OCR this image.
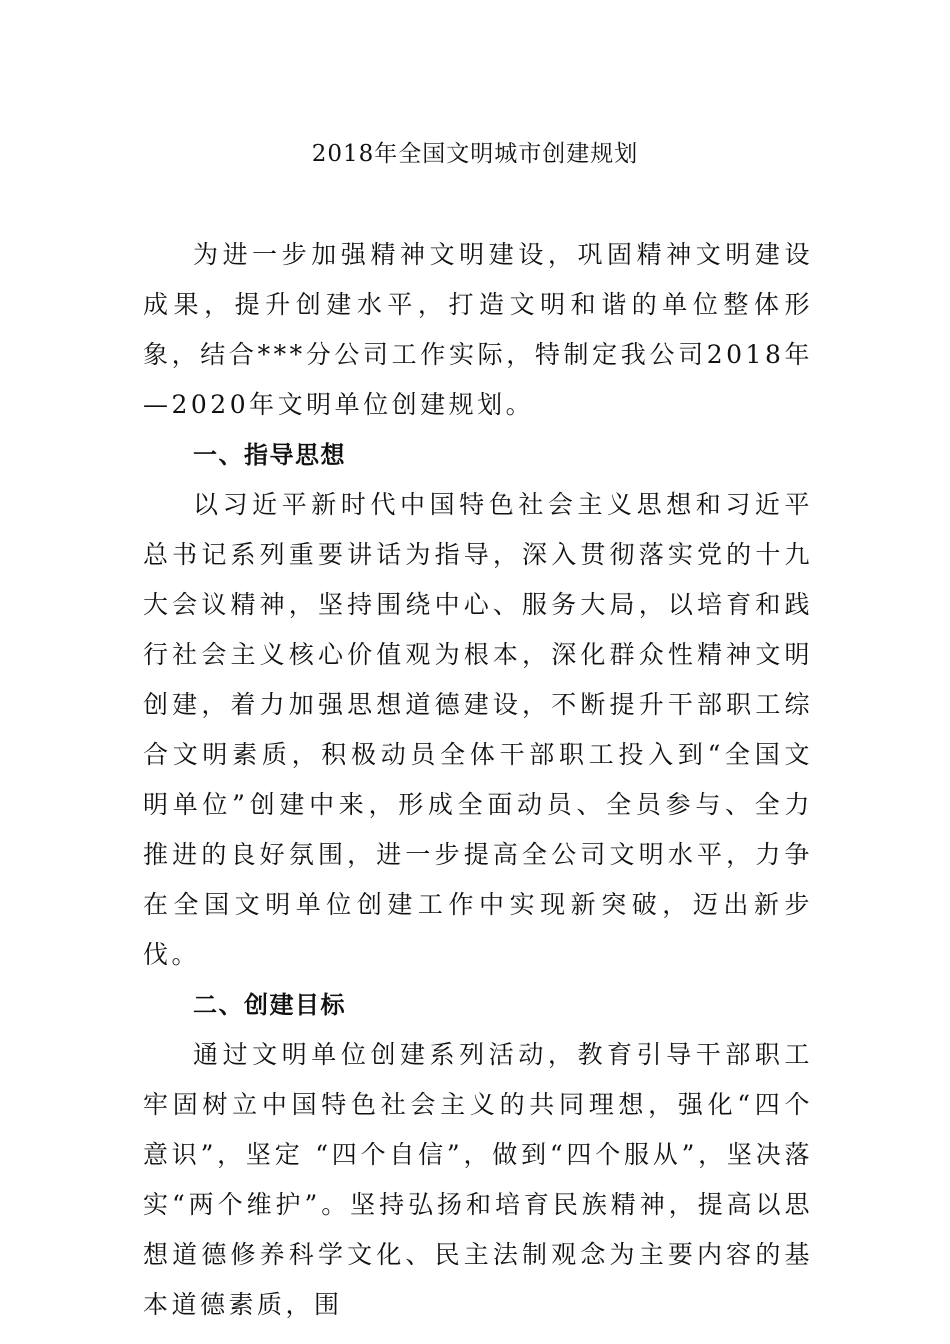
2018年全国文明城市创建规划

为进一步加强精神文明建设，巩固精神文明建设成果，提升创建水平，打造文明和谐的单位整体形象，结合***分公司工作实际，特制定我公司2018年—2020年文明单位创建规划。

一、指导思想

以习近平新时代中国特色社会主义思想和习近平总书记系列重要讲话为指导，深入贯彻落实党的十九大会议精神，坚持围绕中心、服务大局，以培育和践行社会主义核心价值观为根本，深化群众性精神文明创建，着力加强思想道德建设，不断提升干部职工综合文明素质，积极动员全体干部职工投入到“全国文明单位”创建中来，形成全面动员、全员参与、全力推进的良好氛围，进一步提高全公司文明水平，力争在全国文明单位创建工作中实现新突破，迈出新步伐。

二、创建目标

通过文明单位创建系列活动，教育引导干部职工牢固树立中国特色社会主义的共同理想，强化“四个意识”，坚定 “四个自信”，做到“四个服从”，坚决落实“两个维护”。坚持弘扬和培育民族精神，提高以思想道德修养科学文化、民主法制观念为主要内容的基本道德素质，围
